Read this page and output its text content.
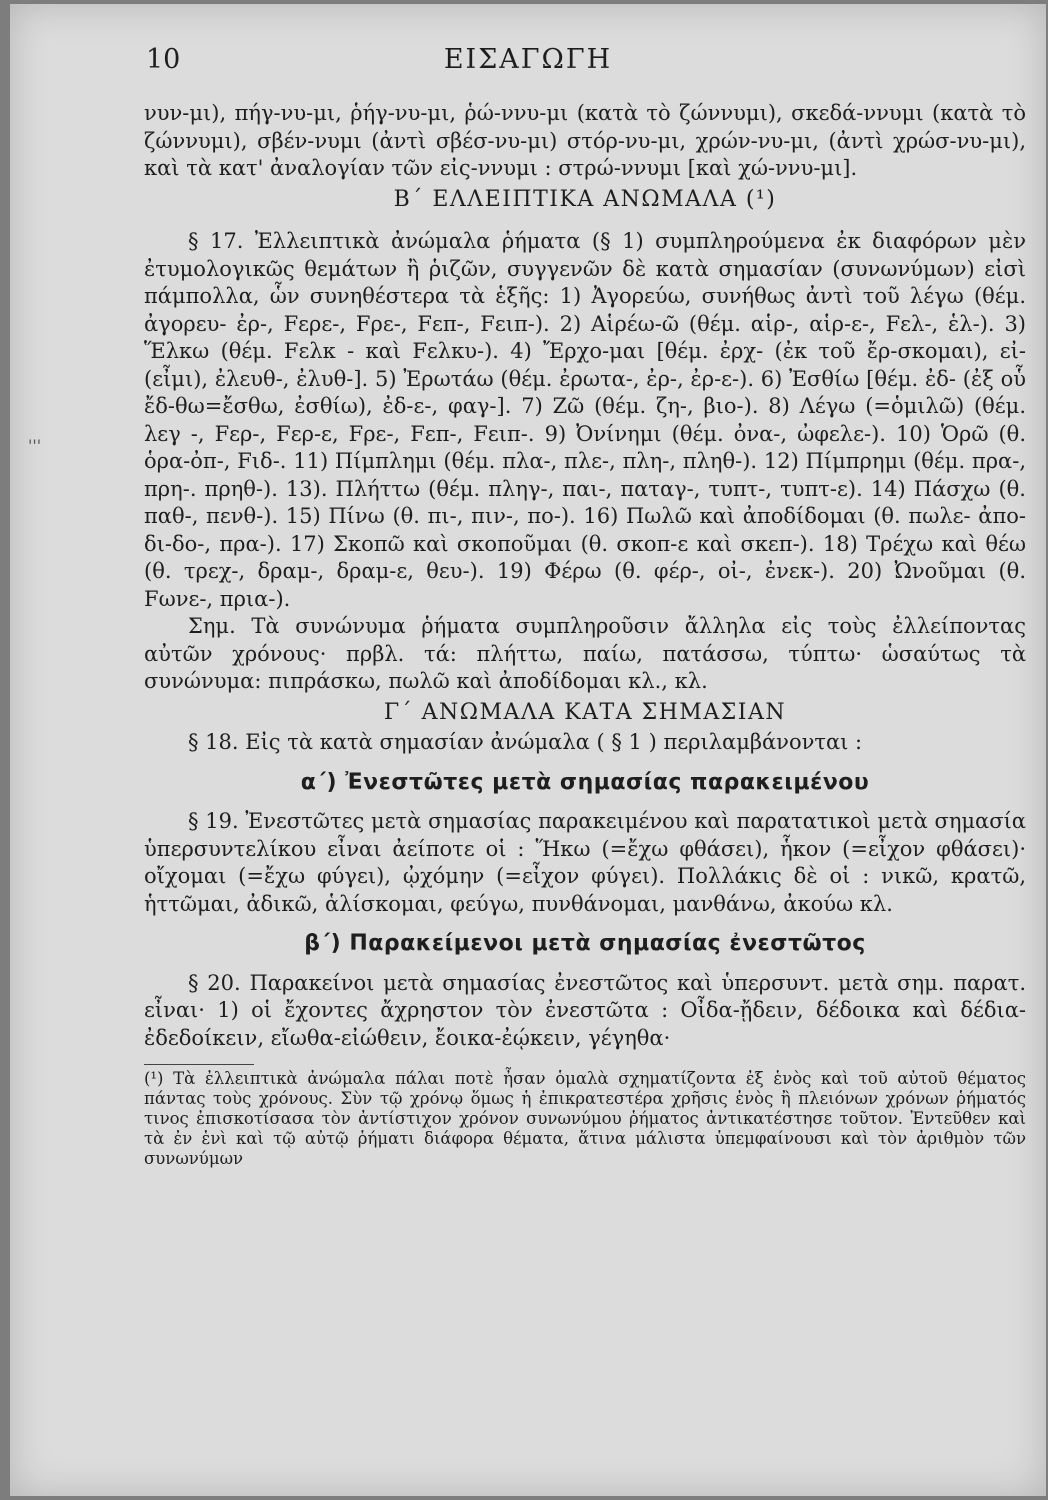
'''
10	ΕΙΣΑΓΩΓΗ

νυν-μι), πήγ-νυ-μι, ῥήγ-νυ-μι, ῥώ-ννυ-μι (κατὰ τὸ ζώννυμι), σκεδά-ννυμι (κατὰ τὸ ζώννυμι), σβέν-νυμι (ἀντὶ σβέσ-νυ-μι) στόρ-νυ-μι, χρών-νυ-μι, (ἀντὶ χρώσ-νυ-μι), καὶ τὰ κατ' ἀναλογίαν τῶν εἰς-ννυμι : στρώ-ννυμι [καὶ χώ-ννυ-μι].

Β΄ ΕΛΛΕΙΠΤΙΚΑ ΑΝΩΜΑΛΑ (¹)

§ 17. Ἐλλειπτικὰ ἀνώμαλα ῥήματα (§ 1) συμπληρούμενα ἐκ διαφόρων μὲν ἐτυμολογικῶς θεμάτων ἢ ῥιζῶν, συγγενῶν δὲ κατὰ σημασίαν (συνωνύμων) εἰσὶ πάμπολλα, ὧν συνηθέστερα τὰ ἑξῆς: 1) Ἀγορεύω, συνήθως ἀντὶ τοῦ λέγω (θέμ. ἀγορευ- ἐρ-, Fερε-, Fρε-, Fεπ-, Fειπ-). 2) Αἱρέω-ῶ (θέμ. αἱρ-, αἱρ-ε-, Fελ-, ἑλ-). 3) Ἕλκω (θέμ. Fελκ - καὶ Fελκυ-). 4) Ἔρχο-μαι [θέμ. ἐρχ- (ἐκ τοῦ ἔρ-σκομαι), εἰ- (εἶμι), ἐλευθ-, ἐλυθ-]. 5) Ἐρωτάω (θέμ. ἐρωτα-, ἐρ-, ἐρ-ε-). 6) Ἐσθίω [θέμ. ἐδ- (ἐξ οὗ ἔδ-θω=ἔσθω, ἐσθίω), ἐδ-ε-, φαγ-]. 7) Ζῶ (θέμ. ζη-, βιο-). 8) Λέγω (=ὁμιλῶ) (θέμ. λεγ -, Fερ-, Fερ-ε, Fρε-, Fεπ-, Fειπ-. 9) Ὀνίνημι (θέμ. ὀνα-, ὠφελε-). 10) Ὁρῶ (θ. ὁρα-ὀπ-, Fιδ-. 11) Πίμπλημι (θέμ. πλα-, πλε-, πλη-, πληθ-). 12) Πίμπρημι (θέμ. πρα-, πρη-. πρηθ-). 13). Πλήττω (θέμ. πληγ-, παι-, παταγ-, τυπτ-, τυπτ-ε). 14) Πάσχω (θ. παθ-, πενθ-). 15) Πίνω (θ. πι-, πιν-, πο-). 16) Πωλῶ καὶ ἀποδίδομαι (θ. πωλε- ἀπο-δι-δο-, πρα-). 17) Σκοπῶ καὶ σκοποῦμαι (θ. σκοπ-ε καὶ σκεπ-). 18) Τρέχω καὶ θέω (θ. τρεχ-, δραμ-, δραμ-ε, θευ-). 19) Φέρω (θ. φέρ-, οἰ-, ἐνεκ-). 20) Ὠνοῦμαι (θ. Fωνε-, πρια-).

Σημ. Τὰ συνώνυμα ῥήματα συμπληροῦσιν ἄλληλα εἰς τοὺς ἐλλείποντας αὐτῶν χρόνους· πρβλ. τά: πλήττω, παίω, πατάσσω, τύπτω· ὡσαύτως τὰ συνώνυμα: πιπράσκω, πωλῶ καὶ ἀποδίδομαι κλ., κλ.

Γ΄ ΑΝΩΜΑΛΑ ΚΑΤΑ ΣΗΜΑΣΙΑΝ

§ 18. Εἰς τὰ κατὰ σημασίαν ἀνώμαλα ( § 1 ) περιλαμβάνονται :

α΄) Ἐνεστῶτες μετὰ σημασίας παρακειμένου

§ 19. Ἐνεστῶτες μετὰ σημασίας παρακειμένου καὶ παρατατικοὶ μετὰ σημασία ὑπερσυντελίκου εἶναι ἀείποτε οἱ : Ἥκω (=ἔχω φθάσει), ἧκον (=εἶχον φθάσει)· οἴχομαι (=ἔχω φύγει), ᾠχόμην (=εἶχον φύγει). Πολλάκις δὲ οἱ : νικῶ, κρατῶ, ἡττῶμαι, ἀδικῶ, ἁλίσκομαι, φεύγω, πυνθάνομαι, μανθάνω, ἀκούω κλ.

β΄) Παρακείμενοι μετὰ σημασίας ἐνεστῶτος

§ 20. Παρακείνοι μετὰ σημασίας ἐνεστῶτος καὶ ὑπερσυντ. μετὰ σημ. παρατ. εἶναι· 1) οἱ ἔχοντες ἄχρηστον τὸν ἐνεστῶτα : Οἶδα-ᾔδειν, δέδοικα καὶ δέδια- ἐδεδοίκειν, εἴωθα-εἰώθειν, ἔοικα-ἐῴκειν, γέγηθα·

(¹) Τὰ ἐλλειπτικὰ ἀνώμαλα πάλαι ποτὲ ἦσαν ὁμαλὰ σχηματίζοντα ἐξ ἑνὸς καὶ τοῦ αὐτοῦ θέματος πάντας τοὺς χρόνους. Σὺν τῷ χρόνῳ ὅμως ἡ ἐπικρατεστέρα χρῆσις ἑνὸς ἢ πλειόνων χρόνων ῥήματός τινος ἐπισκοτίσασα τὸν ἀντίστιχον χρόνον συνωνύμου ῥήματος ἀντικατέστησε τοῦτον. Ἐντεῦθεν καὶ τὰ ἐν ἑνὶ καὶ τῷ αὐτῷ ῥήματι διάφορα θέματα, ἅτινα μάλιστα ὑπεμφαίνουσι καὶ τὸν ἀριθμὸν τῶν συνωνύμων
